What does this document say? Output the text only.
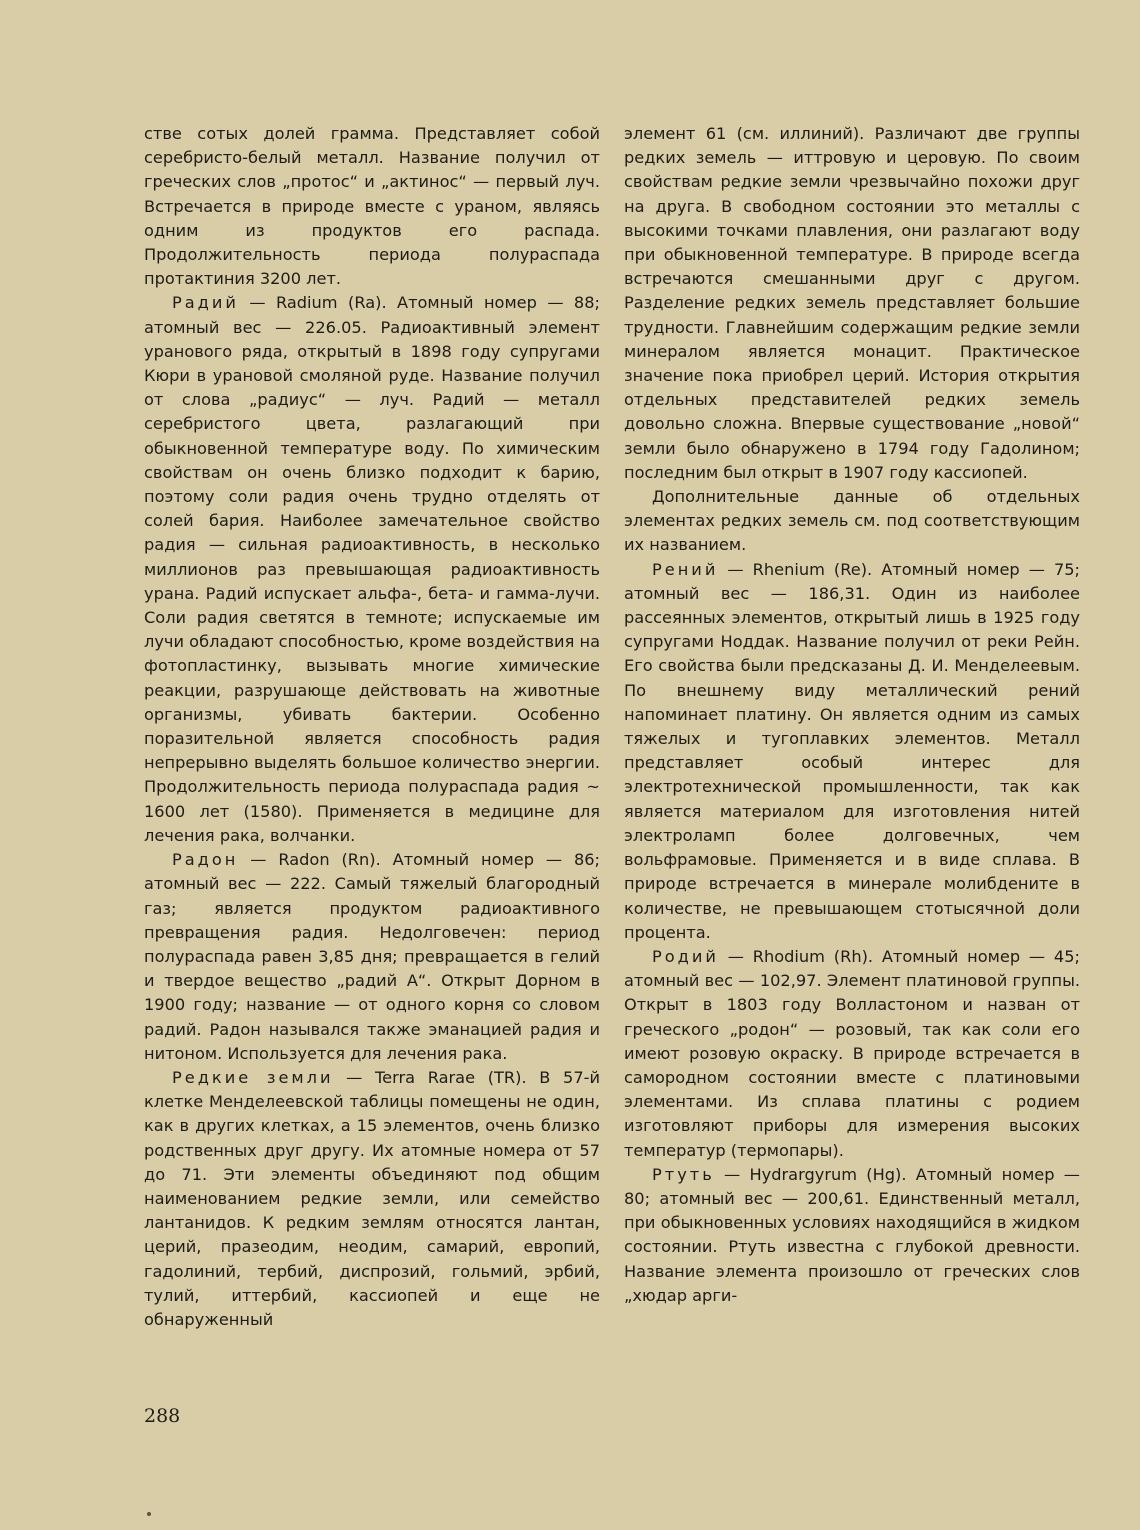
стве сотых долей грамма. Представляет собой серебристо-белый металл. Название получил от греческих слов „протос“ и „актинос“ — первый луч. Встречается в природе вместе с ураном, являясь одним из продуктов его распада. Продолжительность периода полураспада протактиния 3200 лет.

Радий — Radium (Ra). Атомный номер — 88; атомный вес — 226.05. Радиоактивный элемент уранового ряда, открытый в 1898 году супругами Кюри в урановой смоляной руде. Название получил от слова „радиус“ — луч. Радий — металл серебристого цвета, разлагающий при обыкновенной температуре воду. По химическим свойствам он очень близко подходит к барию, поэтому соли радия очень трудно отделять от солей бария. Наиболее замечательное свойство радия — сильная радиоактивность, в несколько миллионов раз превышающая радиоактивность урана. Радий испускает альфа-, бета- и гамма-лучи. Соли радия светятся в темноте; испускаемые им лучи обладают способностью, кроме воздействия на фотопластинку, вызывать многие химические реакции, разрушающе действовать на животные организмы, убивать бактерии. Особенно поразительной является способность радия непрерывно выделять большое количество энергии. Продолжительность периода полураспада радия ~ 1600 лет (1580). Применяется в медицине для лечения рака, волчанки.

Радон — Radon (Rn). Атомный номер — 86; атомный вес — 222. Самый тяжелый благородный газ; является продуктом радиоактивного превращения радия. Недолговечен: период полураспада равен 3,85 дня; превращается в гелий и твердое вещество „радий А“. Открыт Дорном в 1900 году; название — от одного корня со словом радий. Радон назывался также эманацией радия и нитоном. Используется для лечения рака.

Редкие земли — Terra Rarae (TR). В 57-й клетке Менделеевской таблицы помещены не один, как в других клетках, а 15 элементов, очень близко родственных друг другу. Их атомные номера от 57 до 71. Эти элементы объединяют под общим наименованием редкие земли, или семейство лантанидов. К редким землям относятся лантан, церий, празеодим, неодим, самарий, европий, гадолиний, тербий, диспрозий, гольмий, эрбий, тулий, иттербий, кассиопей и еще не обнаруженный

элемент 61 (см. иллиний). Различают две группы редких земель — иттровую и церовую. По своим свойствам редкие земли чрезвычайно похожи друг на друга. В свободном состоянии это металлы с высокими точками плавления, они разлагают воду при обыкновенной температуре. В природе всегда встречаются смешанными друг с другом. Разделение редких земель представляет большие трудности. Главнейшим содержащим редкие земли минералом является монацит. Практическое значение пока приобрел церий. История открытия отдельных представителей редких земель довольно сложна. Впервые существование „новой“ земли было обнаружено в 1794 году Гадолином; последним был открыт в 1907 году кассиопей.

Дополнительные данные об отдельных элементах редких земель см. под соответствующим их названием.

Рений — Rhenium (Re). Атомный номер — 75; атомный вес — 186,31. Один из наиболее рассеянных элементов, открытый лишь в 1925 году супругами Ноддак. Название получил от реки Рейн. Его свойства были предсказаны Д. И. Менделеевым. По внешнему виду металлический рений напоминает платину. Он является одним из самых тяжелых и тугоплавких элементов. Металл представляет особый интерес для электротехнической промышленности, так как является материалом для изготовления нитей электроламп более долговечных, чем вольфрамовые. Применяется и в виде сплава. В природе встречается в минерале молибдените в количестве, не превышающем стотысячной доли процента.

Родий — Rhodium (Rh). Атомный номер — 45; атомный вес — 102,97. Элемент платиновой группы. Открыт в 1803 году Волластоном и назван от греческого „родон“ — розовый, так как соли его имеют розовую окраску. В природе встречается в самородном состоянии вместе с платиновыми элементами. Из сплава платины с родием изготовляют приборы для измерения высоких температур (термопары).

Ртуть — Hydrargyrum (Hg). Атомный номер — 80; атомный вес — 200,61. Единственный металл, при обыкновенных условиях находящийся в жидком состоянии. Ртуть известна с глубокой древности. Название элемента произошло от греческих слов „хюдар арги-

288
